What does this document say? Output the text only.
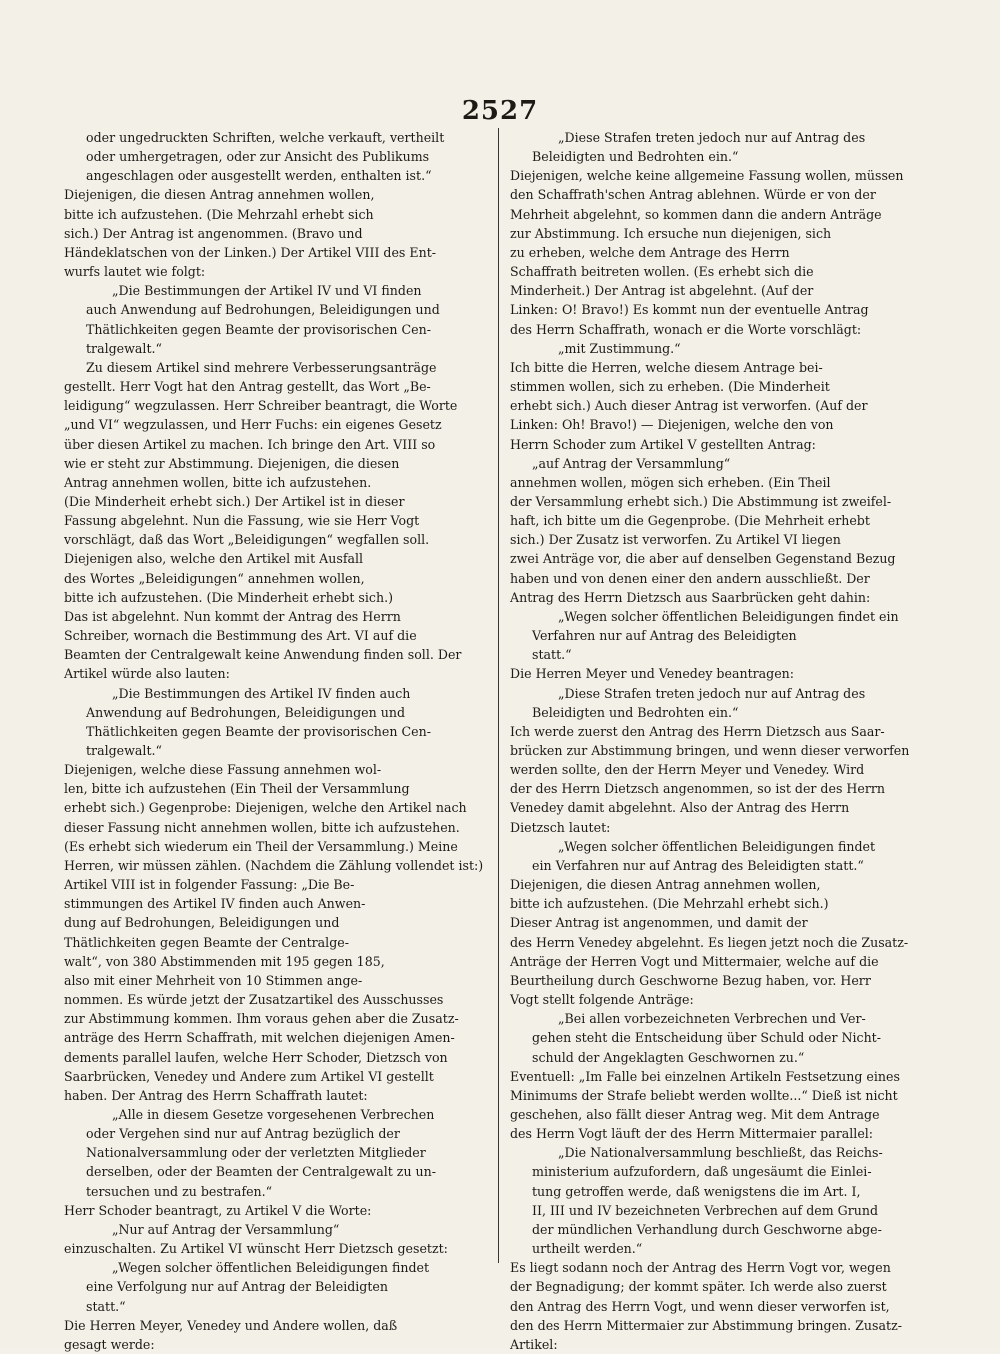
2527
oder ungedruckten Schriften, welche verkauft, vertheilt
oder umhergetragen, oder zur Ansicht des Publikums
angeschlagen oder ausgestellt werden, enthalten ist.“
Diejenigen, die diesen Antrag annehmen wollen,
bitte ich aufzustehen. (Die Mehrzahl erhebt sich
sich.) Der Antrag ist angenommen. (Bravo und
Händeklatschen von der Linken.) Der Artikel VIII des Ent-
wurfs lautet wie folgt:
„Die Bestimmungen der Artikel IV und VI finden
auch Anwendung auf Bedrohungen, Beleidigungen und
Thätlichkeiten gegen Beamte der provisorischen Cen-
tralgewalt.“
Zu diesem Artikel sind mehrere Verbesserungsanträge
gestellt. Herr Vogt hat den Antrag gestellt, das Wort „Be-
leidigung“ wegzulassen. Herr Schreiber beantragt, die Worte
„und VI“ wegzulassen, und Herr Fuchs: ein eigenes Gesetz
über diesen Artikel zu machen. Ich bringe den Art. VIII so
wie er steht zur Abstimmung. Diejenigen, die diesen
Antrag annehmen wollen, bitte ich aufzustehen.
(Die Minderheit erhebt sich.) Der Artikel ist in dieser
Fassung abgelehnt. Nun die Fassung, wie sie Herr Vogt
vorschlägt, daß das Wort „Beleidigungen“ wegfallen soll.
Diejenigen also, welche den Artikel mit Ausfall
des Wortes „Beleidigungen“ annehmen wollen,
bitte ich aufzustehen. (Die Minderheit erhebt sich.)
Das ist abgelehnt. Nun kommt der Antrag des Herrn
Schreiber, wornach die Bestimmung des Art. VI auf die
Beamten der Centralgewalt keine Anwendung finden soll. Der
Artikel würde also lauten:
„Die Bestimmungen des Artikel IV finden auch
Anwendung auf Bedrohungen, Beleidigungen und
Thätlichkeiten gegen Beamte der provisorischen Cen-
tralgewalt.“
Diejenigen, welche diese Fassung annehmen wol-
len, bitte ich aufzustehen (Ein Theil der Versammlung
erhebt sich.) Gegenprobe: Diejenigen, welche den Artikel nach
dieser Fassung nicht annehmen wollen, bitte ich aufzustehen.
(Es erhebt sich wiederum ein Theil der Versammlung.) Meine
Herren, wir müssen zählen. (Nachdem die Zählung vollendet ist:)
Artikel VIII ist in folgender Fassung: „Die Be-
stimmungen des Artikel IV finden auch Anwen-
dung auf Bedrohungen, Beleidigungen und
Thätlichkeiten gegen Beamte der Centralge-
walt“, von 380 Abstimmenden mit 195 gegen 185,
also mit einer Mehrheit von 10 Stimmen ange-
nommen. Es würde jetzt der Zusatzartikel des Ausschusses
zur Abstimmung kommen. Ihm voraus gehen aber die Zusatz-
anträge des Herrn Schaffrath, mit welchen diejenigen Amen-
dements parallel laufen, welche Herr Schoder, Dietzsch von
Saarbrücken, Venedey und Andere zum Artikel VI gestellt
haben. Der Antrag des Herrn Schaffrath lautet:
„Alle in diesem Gesetze vorgesehenen Verbrechen
oder Vergehen sind nur auf Antrag bezüglich der
Nationalversammlung oder der verletzten Mitglieder
derselben, oder der Beamten der Centralgewalt zu un-
tersuchen und zu bestrafen.“
Herr Schoder beantragt, zu Artikel V die Worte:
„Nur auf Antrag der Versammlung“
einzuschalten. Zu Artikel VI wünscht Herr Dietzsch gesetzt:
„Wegen solcher öffentlichen Beleidigungen findet
eine Verfolgung nur auf Antrag der Beleidigten
statt.“
Die Herren Meyer, Venedey und Andere wollen, daß
gesagt werde:
„Diese Strafen treten jedoch nur auf Antrag des
Beleidigten und Bedrohten ein.“
Diejenigen, welche keine allgemeine Fassung wollen, müssen
den Schaffrath'schen Antrag ablehnen. Würde er von der
Mehrheit abgelehnt, so kommen dann die andern Anträge
zur Abstimmung. Ich ersuche nun diejenigen, sich
zu erheben, welche dem Antrage des Herrn
Schaffrath beitreten wollen. (Es erhebt sich die
Minderheit.) Der Antrag ist abgelehnt. (Auf der
Linken: O! Bravo!) Es kommt nun der eventuelle Antrag
des Herrn Schaffrath, wonach er die Worte vorschlägt:
„mit Zustimmung.“
Ich bitte die Herren, welche diesem Antrage bei-
stimmen wollen, sich zu erheben. (Die Minderheit
erhebt sich.) Auch dieser Antrag ist verworfen. (Auf der
Linken: Oh! Bravo!) — Diejenigen, welche den von
Herrn Schoder zum Artikel V gestellten Antrag:
„auf Antrag der Versammlung“
annehmen wollen, mögen sich erheben. (Ein Theil
der Versammlung erhebt sich.) Die Abstimmung ist zweifel-
haft, ich bitte um die Gegenprobe. (Die Mehrheit erhebt
sich.) Der Zusatz ist verworfen. Zu Artikel VI liegen
zwei Anträge vor, die aber auf denselben Gegenstand Bezug
haben und von denen einer den andern ausschließt. Der
Antrag des Herrn Dietzsch aus Saarbrücken geht dahin:
„Wegen solcher öffentlichen Beleidigungen findet ein
Verfahren nur auf Antrag des Beleidigten
statt.“
Die Herren Meyer und Venedey beantragen:
„Diese Strafen treten jedoch nur auf Antrag des
Beleidigten und Bedrohten ein.“
Ich werde zuerst den Antrag des Herrn Dietzsch aus Saar-
brücken zur Abstimmung bringen, und wenn dieser verworfen
werden sollte, den der Herrn Meyer und Venedey. Wird
der des Herrn Dietzsch angenommen, so ist der des Herrn
Venedey damit abgelehnt. Also der Antrag des Herrn
Dietzsch lautet:
„Wegen solcher öffentlichen Beleidigungen findet
ein Verfahren nur auf Antrag des Beleidigten statt.“
Diejenigen, die diesen Antrag annehmen wollen,
bitte ich aufzustehen. (Die Mehrzahl erhebt sich.)
Dieser Antrag ist angenommen, und damit der
des Herrn Venedey abgelehnt. Es liegen jetzt noch die Zusatz-
Anträge der Herren Vogt und Mittermaier, welche auf die
Beurtheilung durch Geschworne Bezug haben, vor. Herr
Vogt stellt folgende Anträge:
„Bei allen vorbezeichneten Verbrechen und Ver-
gehen steht die Entscheidung über Schuld oder Nicht-
schuld der Angeklagten Geschwornen zu.“
Eventuell: „Im Falle bei einzelnen Artikeln Festsetzung eines
Minimums der Strafe beliebt werden wollte...“ Dieß ist nicht
geschehen, also fällt dieser Antrag weg. Mit dem Antrage
des Herrn Vogt läuft der des Herrn Mittermaier parallel:
„Die Nationalversammlung beschließt, das Reichs-
ministerium aufzufordern, daß ungesäumt die Einlei-
tung getroffen werde, daß wenigstens die im Art. I,
II, III und IV bezeichneten Verbrechen auf dem Grund
der mündlichen Verhandlung durch Geschworne abge-
urtheilt werden.“
Es liegt sodann noch der Antrag des Herrn Vogt vor, wegen
der Begnadigung; der kommt später. Ich werde also zuerst
den Antrag des Herrn Vogt, und wenn dieser verworfen ist,
den des Herrn Mittermaier zur Abstimmung bringen. Zusatz-
Artikel:
